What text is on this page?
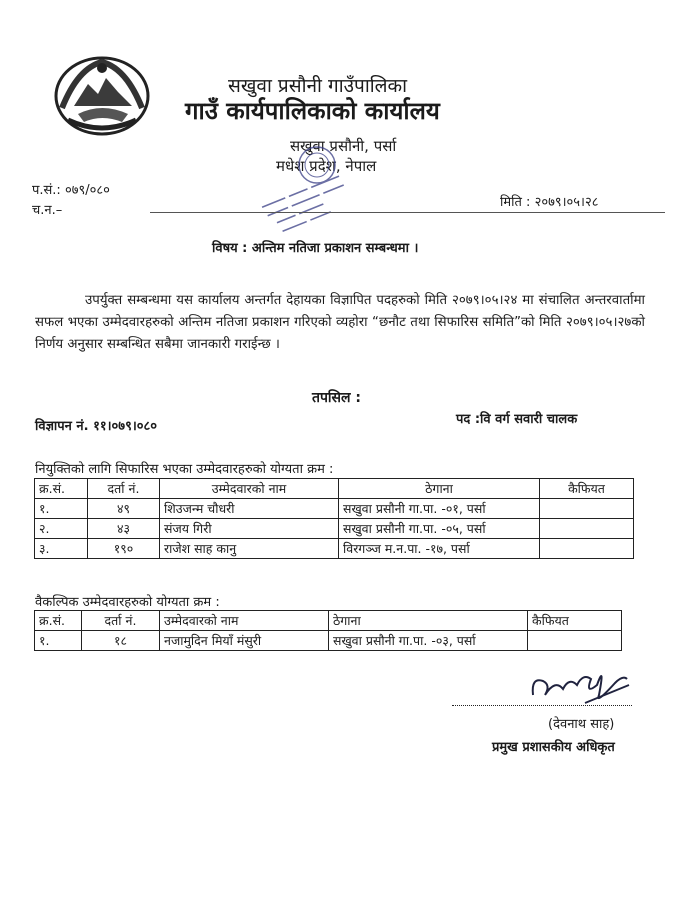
सखुवा प्रसौनी गाउँपालिका
गाउँ कार्यपालिकाको कार्यालय
सखुवा प्रसौनी, पर्सा
मधेश प्रदेश, नेपाल
प.सं.: ०७९/०८०
च.न.–
मिति : २०७९।०५।२८
विषय : अन्तिम नतिजा प्रकाशन सम्बन्धमा ।
उपर्युक्त सम्बन्धमा यस कार्यालय अन्तर्गत देहायका विज्ञापित पदहरुको मिति २०७९।०५।२४ मा संचालित अन्तरवार्तामा सफल भएका उम्मेदवारहरुको अन्तिम नतिजा प्रकाशन गरिएको व्यहोरा “छनौट तथा सिफारिस समिति”को मिति २०७९।०५।२७को निर्णय अनुसार सम्बन्धित सबैमा जानकारी गराईन्छ ।
तपसिल :
विज्ञापन नं. ११।०७९।०८०	पद :वि वर्ग सवारी चालक
नियुक्तिको लागि सिफारिस भएका उम्मेदवारहरुको योग्यता क्रम :
क्र.सं.	दर्ता नं.	उम्मेदवारको नाम	ठेगाना	कैफियत
१.	४९	शिउजन्म चौधरी	सखुवा प्रसौनी गा.पा. -०१, पर्सा	
२.	४३	संजय गिरी	सखुवा प्रसौनी गा.पा. -०५, पर्सा	
३.	१९०	राजेश साह कानु	विरगञ्ज म.न.पा. -१७, पर्सा	
वैकल्पिक उम्मेदवारहरुको योग्यता क्रम :
क्र.सं.	दर्ता नं.	उम्मेदवारको नाम	ठेगाना	कैफियत
१.	१८	नजामुदिन मियाँ मंसुरी	सखुवा प्रसौनी गा.पा. -०३, पर्सा	
(देवनाथ साह)
प्रमुख प्रशासकीय अधिकृत
